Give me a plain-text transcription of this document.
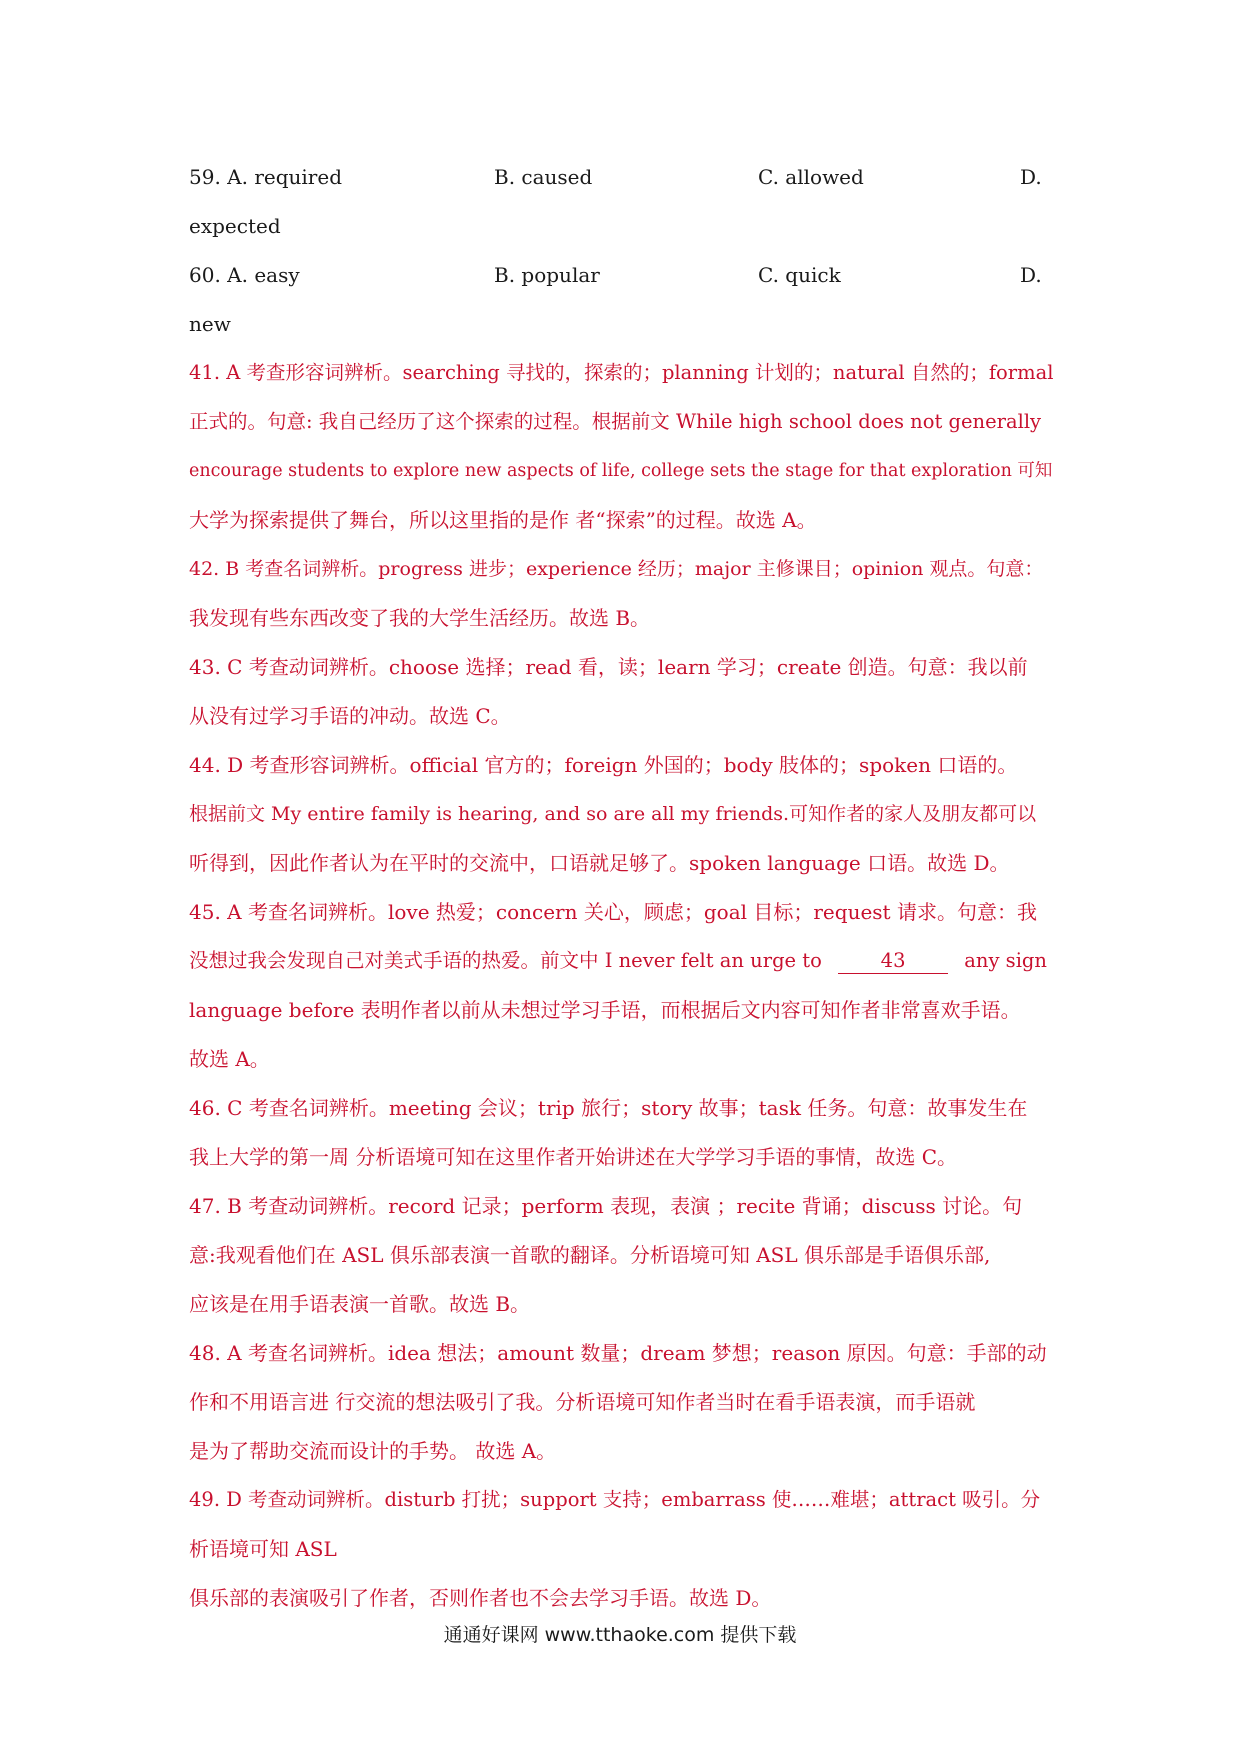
59. A. required	B. caused	C. allowed	D.
expected
60. A. easy	B. popular	C. quick	D.
new
41. A 考查形容词辨析。searching 寻找的，探索的；planning 计划的；natural 自然的；formal
正式的。句意: 我自己经历了这个探索的过程。根据前文 While high school does not generally
encourage students to explore new aspects of life, college sets the stage for that exploration 可知
大学为探索提供了舞台，所以这里指的是作 者“探索”的过程。故选 A。
42. B 考查名词辨析。progress 进步；experience 经历；major 主修课目；opinion 观点。句意：
我发现有些东西改变了我的大学生活经历。故选 B。
43. C 考查动词辨析。choose 选择；read 看，读；learn 学习；create 创造。句意：我以前
从没有过学习手语的冲动。故选 C。
44. D 考查形容词辨析。official 官方的；foreign 外国的；body 肢体的；spoken 口语的。
根据前文 My entire family is hearing, and so are all my friends.可知作者的家人及朋友都可以
听得到，因此作者认为在平时的交流中，口语就足够了。spoken language 口语。故选 D。
45. A 考查名词辨析。love 热爱；concern 关心，顾虑；goal 目标；request 请求。句意：我
没想过我会发现自己对美式手语的热爱。前文中 I never felt an urge to	43	any sign
language before 表明作者以前从未想过学习手语，而根据后文内容可知作者非常喜欢手语。
故选 A。
46. C 考查名词辨析。meeting 会议；trip 旅行；story 故事；task 任务。句意：故事发生在
我上大学的第一周 分析语境可知在这里作者开始讲述在大学学习手语的事情，故选 C。
47. B 考查动词辨析。record 记录；perform 表现，表演 ；recite 背诵；discuss 讨论。句
意:我观看他们在 ASL 俱乐部表演一首歌的翻译。分析语境可知 ASL 俱乐部是手语俱乐部,
应该是在用手语表演一首歌。故选 B。
48. A 考查名词辨析。idea 想法；amount 数量；dream 梦想；reason 原因。句意：手部的动
作和不用语言进 行交流的想法吸引了我。分析语境可知作者当时在看手语表演，而手语就
是为了帮助交流而设计的手势。 故选 A。
49. D 考查动词辨析。disturb 打扰；support 支持；embarrass 使……难堪；attract 吸引。分
析语境可知 ASL
俱乐部的表演吸引了作者，否则作者也不会去学习手语。故选 D。
通通好课网 www.tthaoke.com 提供下载
